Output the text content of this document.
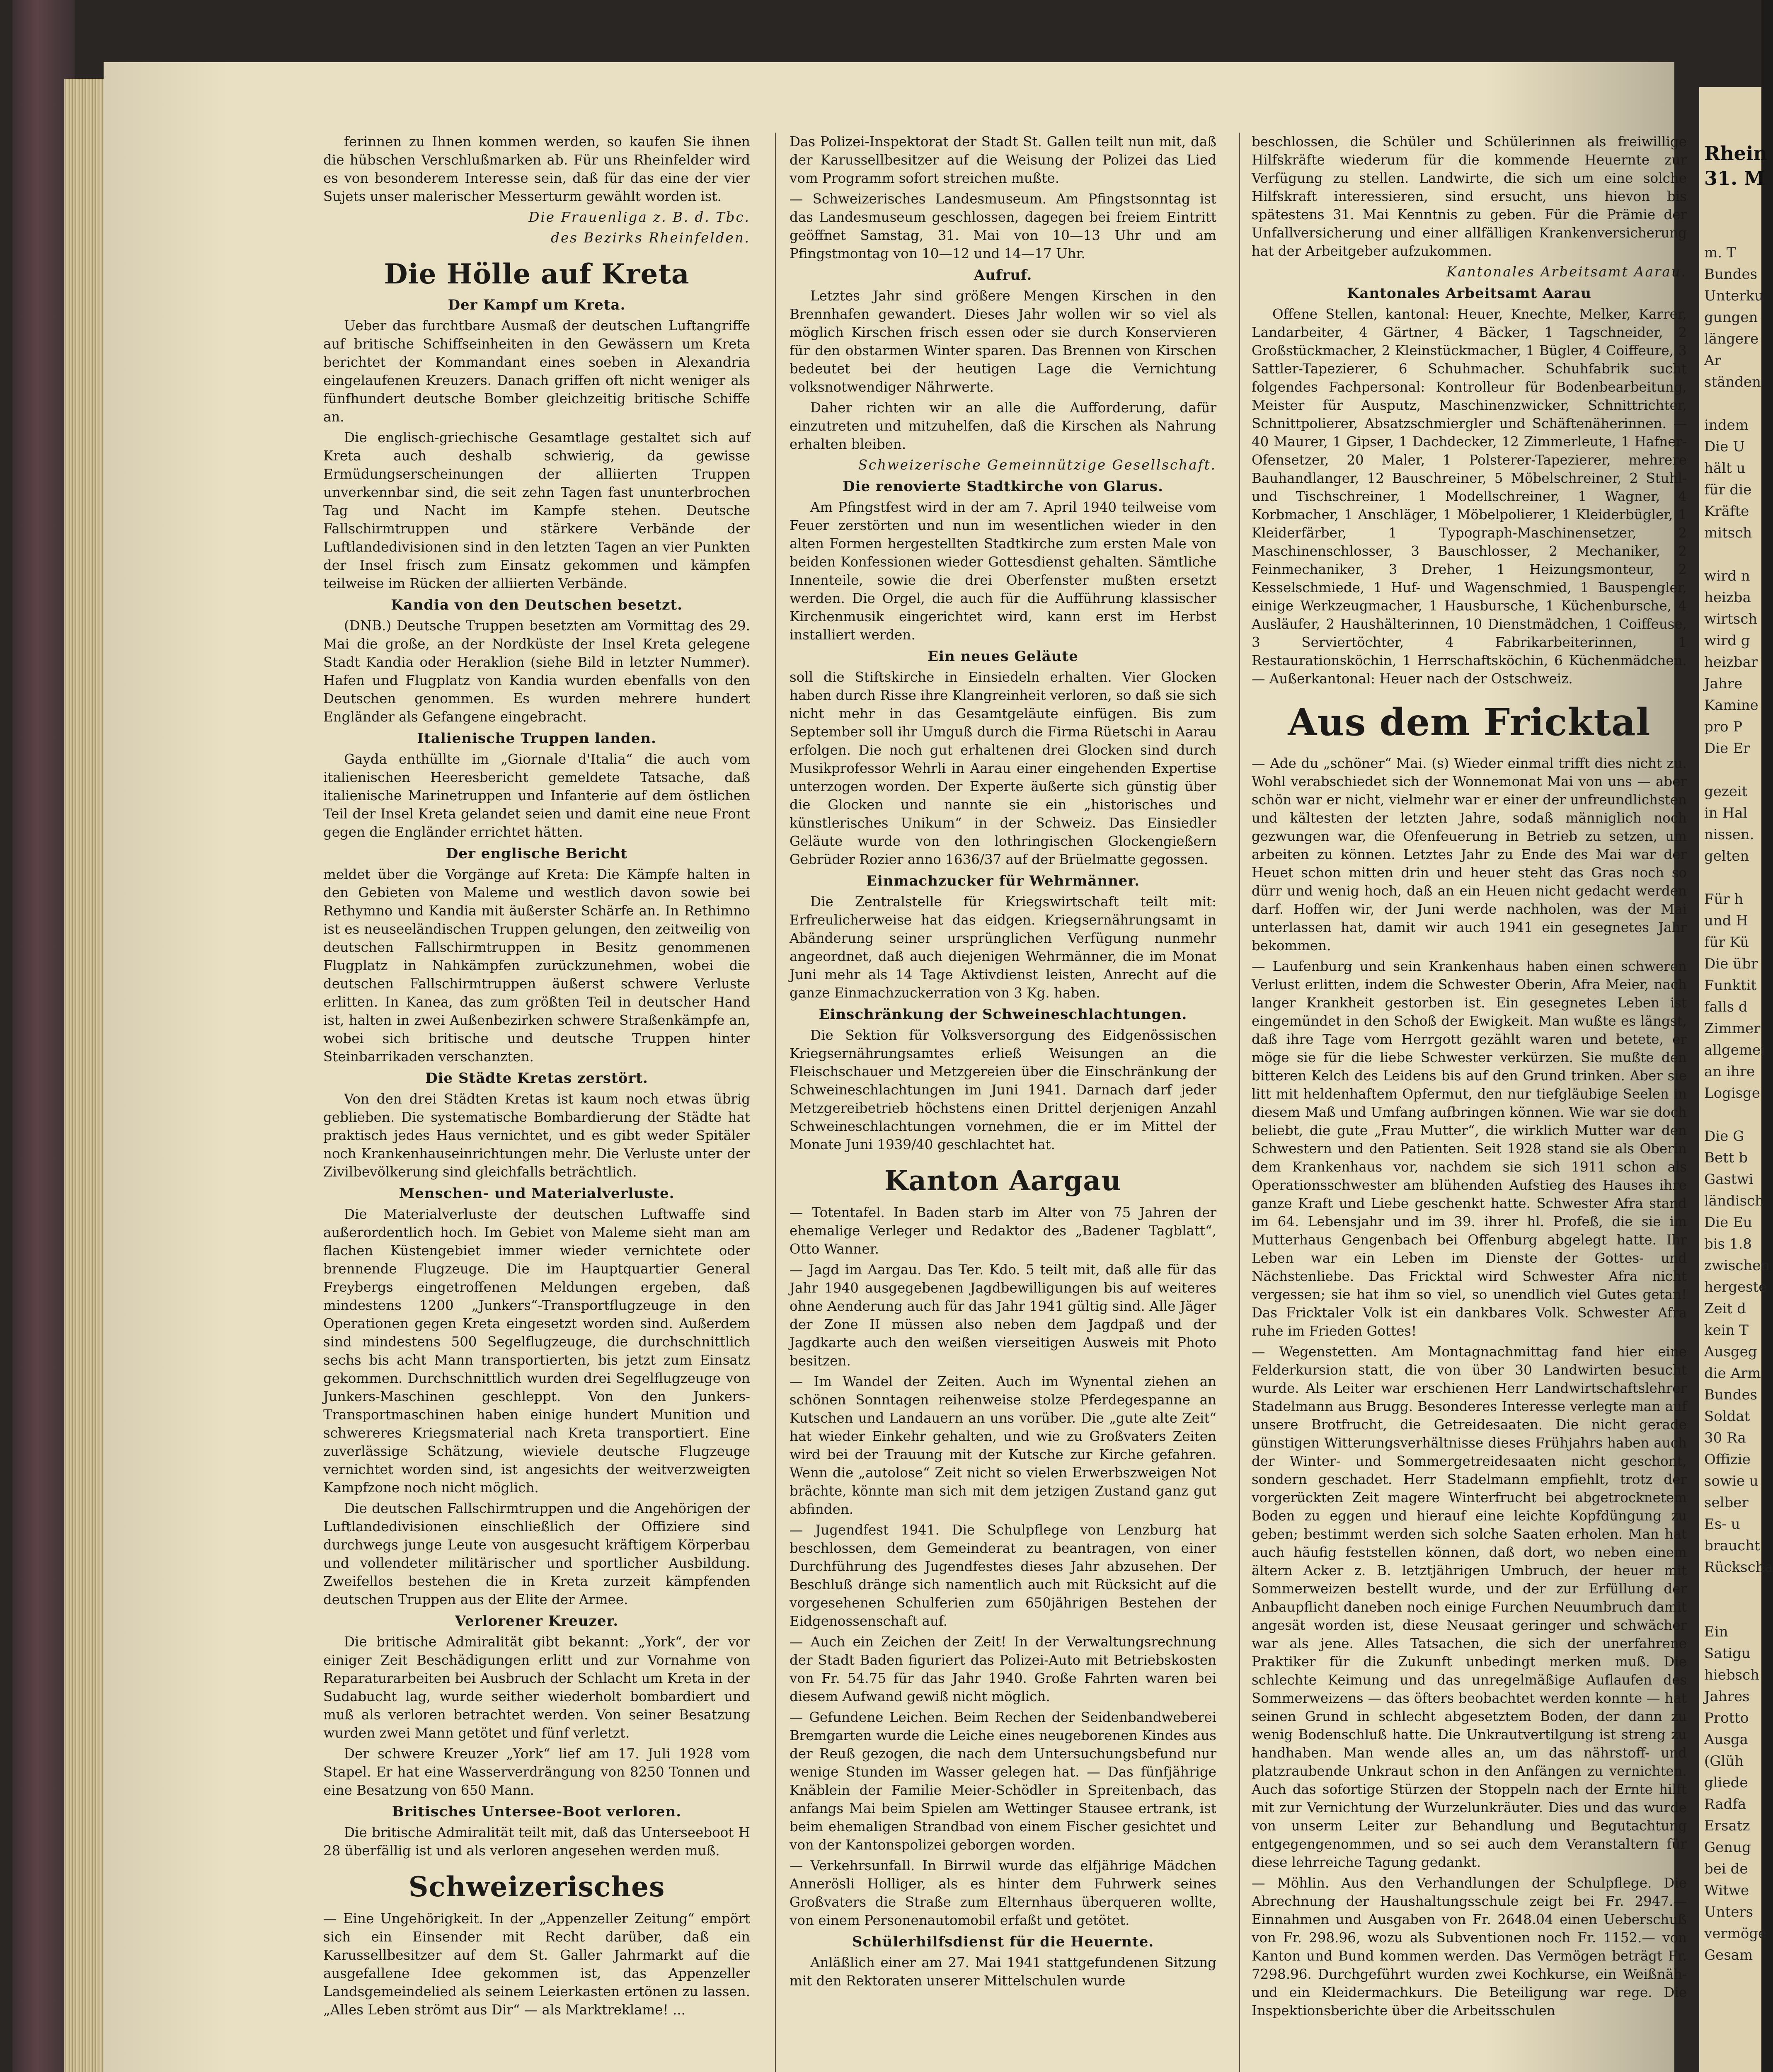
Rhein
31. M

m. T
Bundes
Unterku
gungen
längere
Ar
ständen

indem
Die U
hält u
für die
Kräfte
mitsch

wird n
heizba
wirtsch
wird g
heizbar
Jahre
Kamine
pro P
Die Er

gezeit
in Hal
nissen.
gelten

Für h
und H
für Kü
Die übr
Funktit
falls d
Zimmer
allgemei
an ihre
Logisge

Die G
Bett b
Gastwi
ländisch
Die Eu
bis 1.8
zwischen
hergeste
Zeit d
kein T
Ausgeg
die Arm
Bundes
Soldat
30 Ra
Offizie
sowie u
selber
Es- u
braucht
Rückscha

Ein
Satigu
hiebsch
Jahres
Protto
Ausga
(Glüh
gliede
Radfa
Ersatz
Genug
bei de
Witwe
Unters
vermöge
Gesam

ferinnen zu Ihnen kommen werden, so kaufen Sie ihnen die hübschen Verschlußmarken ab. Für uns Rheinfelder wird es von besonderem Interesse sein, daß für das eine der vier Sujets unser malerischer Messerturm gewählt worden ist.

Die Frauenliga z. B. d. Tbc.

des Bezirks Rheinfelden.

Die Hölle auf Kreta
Der Kampf um Kreta.

Ueber das furchtbare Ausmaß der deutschen Luftangriffe auf britische Schiffseinheiten in den Gewässern um Kreta berichtet der Kommandant eines soeben in Alexandria eingelaufenen Kreuzers. Danach griffen oft nicht weniger als fünfhundert deutsche Bomber gleichzeitig britische Schiffe an.

Die englisch-griechische Gesamtlage gestaltet sich auf Kreta auch deshalb schwierig, da gewisse Ermüdungserscheinungen der alliierten Truppen unverkennbar sind, die seit zehn Tagen fast ununterbrochen Tag und Nacht im Kampfe stehen. Deutsche Fallschirmtruppen und stärkere Verbände der Luftlandedivisionen sind in den letzten Tagen an vier Punkten der Insel frisch zum Einsatz gekommen und kämpfen teilweise im Rücken der alliierten Verbände.

Kandia von den Deutschen besetzt.

(DNB.) Deutsche Truppen besetzten am Vormittag des 29. Mai die große, an der Nordküste der Insel Kreta gelegene Stadt Kandia oder Heraklion (siehe Bild in letzter Nummer). Hafen und Flugplatz von Kandia wurden ebenfalls von den Deutschen genommen. Es wurden mehrere hundert Engländer als Gefangene eingebracht.

Italienische Truppen landen.

Gayda enthüllte im „Giornale d'Italia“ die auch vom italienischen Heeresbericht gemeldete Tatsache, daß italienische Marinetruppen und Infanterie auf dem östlichen Teil der Insel Kreta gelandet seien und damit eine neue Front gegen die Engländer errichtet hätten.

Der englische Bericht

meldet über die Vorgänge auf Kreta: Die Kämpfe halten in den Gebieten von Maleme und westlich davon sowie bei Rethymno und Kandia mit äußerster Schärfe an. In Rethimno ist es neuseeländischen Truppen gelungen, den zeitweilig von deutschen Fallschirmtruppen in Besitz genommenen Flugplatz in Nahkämpfen zurückzunehmen, wobei die deutschen Fallschirmtruppen äußerst schwere Verluste erlitten. In Kanea, das zum größten Teil in deutscher Hand ist, halten in zwei Außenbezirken schwere Straßenkämpfe an, wobei sich britische und deutsche Truppen hinter Steinbarrikaden verschanzten.

Die Städte Kretas zerstört.

Von den drei Städten Kretas ist kaum noch etwas übrig geblieben. Die systematische Bombardierung der Städte hat praktisch jedes Haus vernichtet, und es gibt weder Spitäler noch Krankenhauseinrichtungen mehr. Die Verluste unter der Zivilbevölkerung sind gleichfalls beträchtlich.

Menschen- und Materialverluste.

Die Materialverluste der deutschen Luftwaffe sind außerordentlich hoch. Im Gebiet von Maleme sieht man am flachen Küstengebiet immer wieder vernichtete oder brennende Flugzeuge. Die im Hauptquartier General Freybergs eingetroffenen Meldungen ergeben, daß mindestens 1200 „Junkers“-Transportflugzeuge in den Operationen gegen Kreta eingesetzt worden sind. Außerdem sind mindestens 500 Segelflugzeuge, die durchschnittlich sechs bis acht Mann transportierten, bis jetzt zum Einsatz gekommen. Durchschnittlich wurden drei Segelflugzeuge von Junkers-Maschinen geschleppt. Von den Junkers-Transportmaschinen haben einige hundert Munition und schwereres Kriegsmaterial nach Kreta transportiert. Eine zuverlässige Schätzung, wieviele deutsche Flugzeuge vernichtet worden sind, ist angesichts der weitverzweigten Kampfzone noch nicht möglich.

Die deutschen Fallschirmtruppen und die Angehörigen der Luftlandedivisionen einschließlich der Offiziere sind durchwegs junge Leute von ausgesucht kräftigem Körperbau und vollendeter militärischer und sportlicher Ausbildung. Zweifellos bestehen die in Kreta zurzeit kämpfenden deutschen Truppen aus der Elite der Armee.

Verlorener Kreuzer.

Die britische Admiralität gibt bekannt: „York“, der vor einiger Zeit Beschädigungen erlitt und zur Vornahme von Reparaturarbeiten bei Ausbruch der Schlacht um Kreta in der Sudabucht lag, wurde seither wiederholt bombardiert und muß als verloren betrachtet werden. Von seiner Besatzung wurden zwei Mann getötet und fünf verletzt.

Der schwere Kreuzer „York“ lief am 17. Juli 1928 vom Stapel. Er hat eine Wasserverdrängung von 8250 Tonnen und eine Besatzung von 650 Mann.

Britisches Untersee-Boot verloren.

Die britische Admiralität teilt mit, daß das Unterseeboot H 28 überfällig ist und als verloren angesehen werden muß.

Schweizerisches

— Eine Ungehörigkeit. In der „Appenzeller Zeitung“ empört sich ein Einsender mit Recht darüber, daß ein Karussellbesitzer auf dem St. Galler Jahrmarkt auf die ausgefallene Idee gekommen ist, das Appenzeller Landsgemeindelied als seinem Leierkasten ertönen zu lassen. „Alles Leben strömt aus Dir“ — als Marktreklame! ...

Das Polizei-Inspektorat der Stadt St. Gallen teilt nun mit, daß der Karussellbesitzer auf die Weisung der Polizei das Lied vom Programm sofort streichen mußte.

— Schweizerisches Landesmuseum. Am Pfingstsonntag ist das Landesmuseum geschlossen, dagegen bei freiem Eintritt geöffnet Samstag, 31. Mai von 10—13 Uhr und am Pfingstmontag von 10—12 und 14—17 Uhr.

Aufruf.

Letztes Jahr sind größere Mengen Kirschen in den Brennhafen gewandert. Dieses Jahr wollen wir so viel als möglich Kirschen frisch essen oder sie durch Konservieren für den obstarmen Winter sparen. Das Brennen von Kirschen bedeutet bei der heutigen Lage die Vernichtung volksnotwendiger Nährwerte.

Daher richten wir an alle die Aufforderung, dafür einzutreten und mitzuhelfen, daß die Kirschen als Nahrung erhalten bleiben.

Schweizerische Gemeinnützige Gesellschaft.

Die renovierte Stadtkirche von Glarus.

Am Pfingstfest wird in der am 7. April 1940 teilweise vom Feuer zerstörten und nun im wesentlichen wieder in den alten Formen hergestellten Stadtkirche zum ersten Male von beiden Konfessionen wieder Gottesdienst gehalten. Sämtliche Innenteile, sowie die drei Oberfenster mußten ersetzt werden. Die Orgel, die auch für die Aufführung klassischer Kirchenmusik eingerichtet wird, kann erst im Herbst installiert werden.

Ein neues Geläute

soll die Stiftskirche in Einsiedeln erhalten. Vier Glocken haben durch Risse ihre Klangreinheit verloren, so daß sie sich nicht mehr in das Gesamtgeläute einfügen. Bis zum September soll ihr Umguß durch die Firma Rüetschi in Aarau erfolgen. Die noch gut erhaltenen drei Glocken sind durch Musikprofessor Wehrli in Aarau einer eingehenden Expertise unterzogen worden. Der Experte äußerte sich günstig über die Glocken und nannte sie ein „historisches und künstlerisches Unikum“ in der Schweiz. Das Einsiedler Geläute wurde von den lothringischen Glockengießern Gebrüder Rozier anno 1636/37 auf der Brüelmatte gegossen.

Einmachzucker für Wehrmänner.

Die Zentralstelle für Kriegswirtschaft teilt mit: Erfreulicherweise hat das eidgen. Kriegsernährungsamt in Abänderung seiner ursprünglichen Verfügung nunmehr angeordnet, daß auch diejenigen Wehrmänner, die im Monat Juni mehr als 14 Tage Aktivdienst leisten, Anrecht auf die ganze Einmachzuckerration von 3 Kg. haben.

Einschränkung der Schweineschlachtungen.

Die Sektion für Volksversorgung des Eidgenössischen Kriegsernährungsamtes erließ Weisungen an die Fleischschauer und Metzgereien über die Einschränkung der Schweineschlachtungen im Juni 1941. Darnach darf jeder Metzgereibetrieb höchstens einen Drittel derjenigen Anzahl Schweineschlachtungen vornehmen, die er im Mittel der Monate Juni 1939/40 geschlachtet hat.

Kanton Aargau

— Totentafel. In Baden starb im Alter von 75 Jahren der ehemalige Verleger und Redaktor des „Badener Tagblatt“, Otto Wanner.

— Jagd im Aargau. Das Ter. Kdo. 5 teilt mit, daß alle für das Jahr 1940 ausgegebenen Jagdbewilligungen bis auf weiteres ohne Aenderung auch für das Jahr 1941 gültig sind. Alle Jäger der Zone II müssen also neben dem Jagdpaß und der Jagdkarte auch den weißen vierseitigen Ausweis mit Photo besitzen.

— Im Wandel der Zeiten. Auch im Wynental ziehen an schönen Sonntagen reihenweise stolze Pferdegespanne an Kutschen und Landauern an uns vorüber. Die „gute alte Zeit“ hat wieder Einkehr gehalten, und wie zu Großvaters Zeiten wird bei der Trauung mit der Kutsche zur Kirche gefahren. Wenn die „autolose“ Zeit nicht so vielen Erwerbszweigen Not brächte, könnte man sich mit dem jetzigen Zustand ganz gut abfinden.

— Jugendfest 1941. Die Schulpflege von Lenzburg hat beschlossen, dem Gemeinderat zu beantragen, von einer Durchführung des Jugendfestes dieses Jahr abzusehen. Der Beschluß dränge sich namentlich auch mit Rücksicht auf die vorgesehenen Schulferien zum 650jährigen Bestehen der Eidgenossenschaft auf.

— Auch ein Zeichen der Zeit! In der Verwaltungsrechnung der Stadt Baden figuriert das Polizei-Auto mit Betriebskosten von Fr. 54.75 für das Jahr 1940. Große Fahrten waren bei diesem Aufwand gewiß nicht möglich.

— Gefundene Leichen. Beim Rechen der Seidenbandweberei Bremgarten wurde die Leiche eines neugeborenen Kindes aus der Reuß gezogen, die nach dem Untersuchungsbefund nur wenige Stunden im Wasser gelegen hat. — Das fünfjährige Knäblein der Familie Meier-Schödler in Spreitenbach, das anfangs Mai beim Spielen am Wettinger Stausee ertrank, ist beim ehemaligen Strandbad von einem Fischer gesichtet und von der Kantonspolizei geborgen worden.

— Verkehrsunfall. In Birrwil wurde das elfjährige Mädchen Annerösli Holliger, als es hinter dem Fuhrwerk seines Großvaters die Straße zum Elternhaus überqueren wollte, von einem Personenautomobil erfaßt und getötet.

Schülerhilfsdienst für die Heuernte.

Anläßlich einer am 27. Mai 1941 stattgefundenen Sitzung mit den Rektoraten unserer Mittelschulen wurde

beschlossen, die Schüler und Schülerinnen als freiwillige Hilfskräfte wiederum für die kommende Heuernte zur Verfügung zu stellen. Landwirte, die sich um eine solche Hilfskraft interessieren, sind ersucht, uns hievon bis spätestens 31. Mai Kenntnis zu geben. Für die Prämie der Unfallversicherung und einer allfälligen Krankenversicherung hat der Arbeitgeber aufzukommen.

Kantonales Arbeitsamt Aarau.

Kantonales Arbeitsamt Aarau

Offene Stellen, kantonal: Heuer, Knechte, Melker, Karrer, Landarbeiter, 4 Gärtner, 4 Bäcker, 1 Tagschneider, 2 Großstückmacher, 2 Kleinstückmacher, 1 Bügler, 4 Coiffeure, 3 Sattler-Tapezierer, 6 Schuhmacher. Schuhfabrik sucht folgendes Fachpersonal: Kontrolleur für Bodenbearbeitung, Meister für Ausputz, Maschinenzwicker, Schnittrichter, Schnittpolierer, Absatzschmiergler und Schäftenäherinnen. — 40 Maurer, 1 Gipser, 1 Dachdecker, 12 Zimmerleute, 1 Hafner-Ofensetzer, 20 Maler, 1 Polsterer-Tapezierer, mehrere Bauhandlanger, 12 Bauschreiner, 5 Möbelschreiner, 2 Stuhl- und Tischschreiner, 1 Modellschreiner, 1 Wagner, 4 Korbmacher, 1 Anschläger, 1 Möbelpolierer, 1 Kleiderbügler, 1 Kleiderfärber, 1 Typograph-Maschinensetzer, 2 Maschinenschlosser, 3 Bauschlosser, 2 Mechaniker, 2 Feinmechaniker, 3 Dreher, 1 Heizungsmonteur, 2 Kesselschmiede, 1 Huf- und Wagenschmied, 1 Bauspengler, einige Werkzeugmacher, 1 Hausbursche, 1 Küchenbursche, 4 Ausläufer, 2 Haushälterinnen, 10 Dienstmädchen, 1 Coiffeuse, 3 Serviertöchter, 4 Fabrikarbeiterinnen, 1 Restaurationsköchin, 1 Herrschaftsköchin, 6 Küchenmädchen. — Außerkantonal: Heuer nach der Ostschweiz.

Aus dem Fricktal

— Ade du „schöner“ Mai. (s) Wieder einmal trifft dies nicht zu. Wohl verabschiedet sich der Wonnemonat Mai von uns — aber schön war er nicht, vielmehr war er einer der unfreundlichsten und kältesten der letzten Jahre, sodaß männiglich noch gezwungen war, die Ofenfeuerung in Betrieb zu setzen, um arbeiten zu können. Letztes Jahr zu Ende des Mai war der Heuet schon mitten drin und heuer steht das Gras noch so dürr und wenig hoch, daß an ein Heuen nicht gedacht werden darf. Hoffen wir, der Juni werde nachholen, was der Mai unterlassen hat, damit wir auch 1941 ein gesegnetes Jahr bekommen.

— Laufenburg und sein Krankenhaus haben einen schweren Verlust erlitten, indem die Schwester Oberin, Afra Meier, nach langer Krankheit gestorben ist. Ein gesegnetes Leben ist eingemündet in den Schoß der Ewigkeit. Man wußte es längst, daß ihre Tage vom Herrgott gezählt waren und betete, er möge sie für die liebe Schwester verkürzen. Sie mußte den bitteren Kelch des Leidens bis auf den Grund trinken. Aber sie litt mit heldenhaftem Opfermut, den nur tiefgläubige Seelen in diesem Maß und Umfang aufbringen können. Wie war sie doch beliebt, die gute „Frau Mutter“, die wirklich Mutter war den Schwestern und den Patienten. Seit 1928 stand sie als Oberin dem Krankenhaus vor, nachdem sie sich 1911 schon als Operationsschwester am blühenden Aufstieg des Hauses ihre ganze Kraft und Liebe geschenkt hatte. Schwester Afra stand im 64. Lebensjahr und im 39. ihrer hl. Profeß, die sie im Mutterhaus Gengenbach bei Offenburg abgelegt hatte. Ihr Leben war ein Leben im Dienste der Gottes- und Nächstenliebe. Das Fricktal wird Schwester Afra nicht vergessen; sie hat ihm so viel, so unendlich viel Gutes getan! Das Fricktaler Volk ist ein dankbares Volk. Schwester Afra ruhe im Frieden Gottes!

— Wegenstetten. Am Montagnachmittag fand hier eine Felderkursion statt, die von über 30 Landwirten besucht wurde. Als Leiter war erschienen Herr Landwirtschaftslehrer Stadelmann aus Brugg. Besonderes Interesse verlegte man auf unsere Brotfrucht, die Getreidesaaten. Die nicht gerade günstigen Witterungsverhältnisse dieses Frühjahrs haben auch der Winter- und Sommergetreidesaaten nicht geschont, sondern geschadet. Herr Stadelmann empfiehlt, trotz der vorgerückten Zeit magere Winterfrucht bei abgetrocknetem Boden zu eggen und hierauf eine leichte Kopfdüngung zu geben; bestimmt werden sich solche Saaten erholen. Man hat auch häufig feststellen können, daß dort, wo neben einem ältern Acker z. B. letztjährigen Umbruch, der heuer mit Sommerweizen bestellt wurde, und der zur Erfüllung der Anbaupflicht daneben noch einige Furchen Neuumbruch damit angesät worden ist, diese Neusaat geringer und schwächer war als jene. Alles Tatsachen, die sich der unerfahrene Praktiker für die Zukunft unbedingt merken muß. Die schlechte Keimung und das unregelmäßige Auflaufen des Sommerweizens — das öfters beobachtet werden konnte — hat seinen Grund in schlecht abgesetztem Boden, der dann zu wenig Bodenschluß hatte. Die Unkrautvertilgung ist streng zu handhaben. Man wende alles an, um das nährstoff- und platzraubende Unkraut schon in den Anfängen zu vernichten. Auch das sofortige Stürzen der Stoppeln nach der Ernte hilft mit zur Vernichtung der Wurzelunkräuter. Dies und das wurde von unserm Leiter zur Behandlung und Begutachtung entgegengenommen, und so sei auch dem Veranstaltern für diese lehrreiche Tagung gedankt.

— Möhlin. Aus den Verhandlungen der Schulpflege. Die Abrechnung der Haushaltungsschule zeigt bei Fr. 2947.— Einnahmen und Ausgaben von Fr. 2648.04 einen Ueberschuß von Fr. 298.96, wozu als Subventionen noch Fr. 1152.— von Kanton und Bund kommen werden. Das Vermögen beträgt Fr. 7298.96. Durchgeführt wurden zwei Kochkurse, ein Weißnäh- und ein Kleidermachkurs. Die Beteiligung war rege. Die Inspektionsberichte über die Arbeitsschulen
